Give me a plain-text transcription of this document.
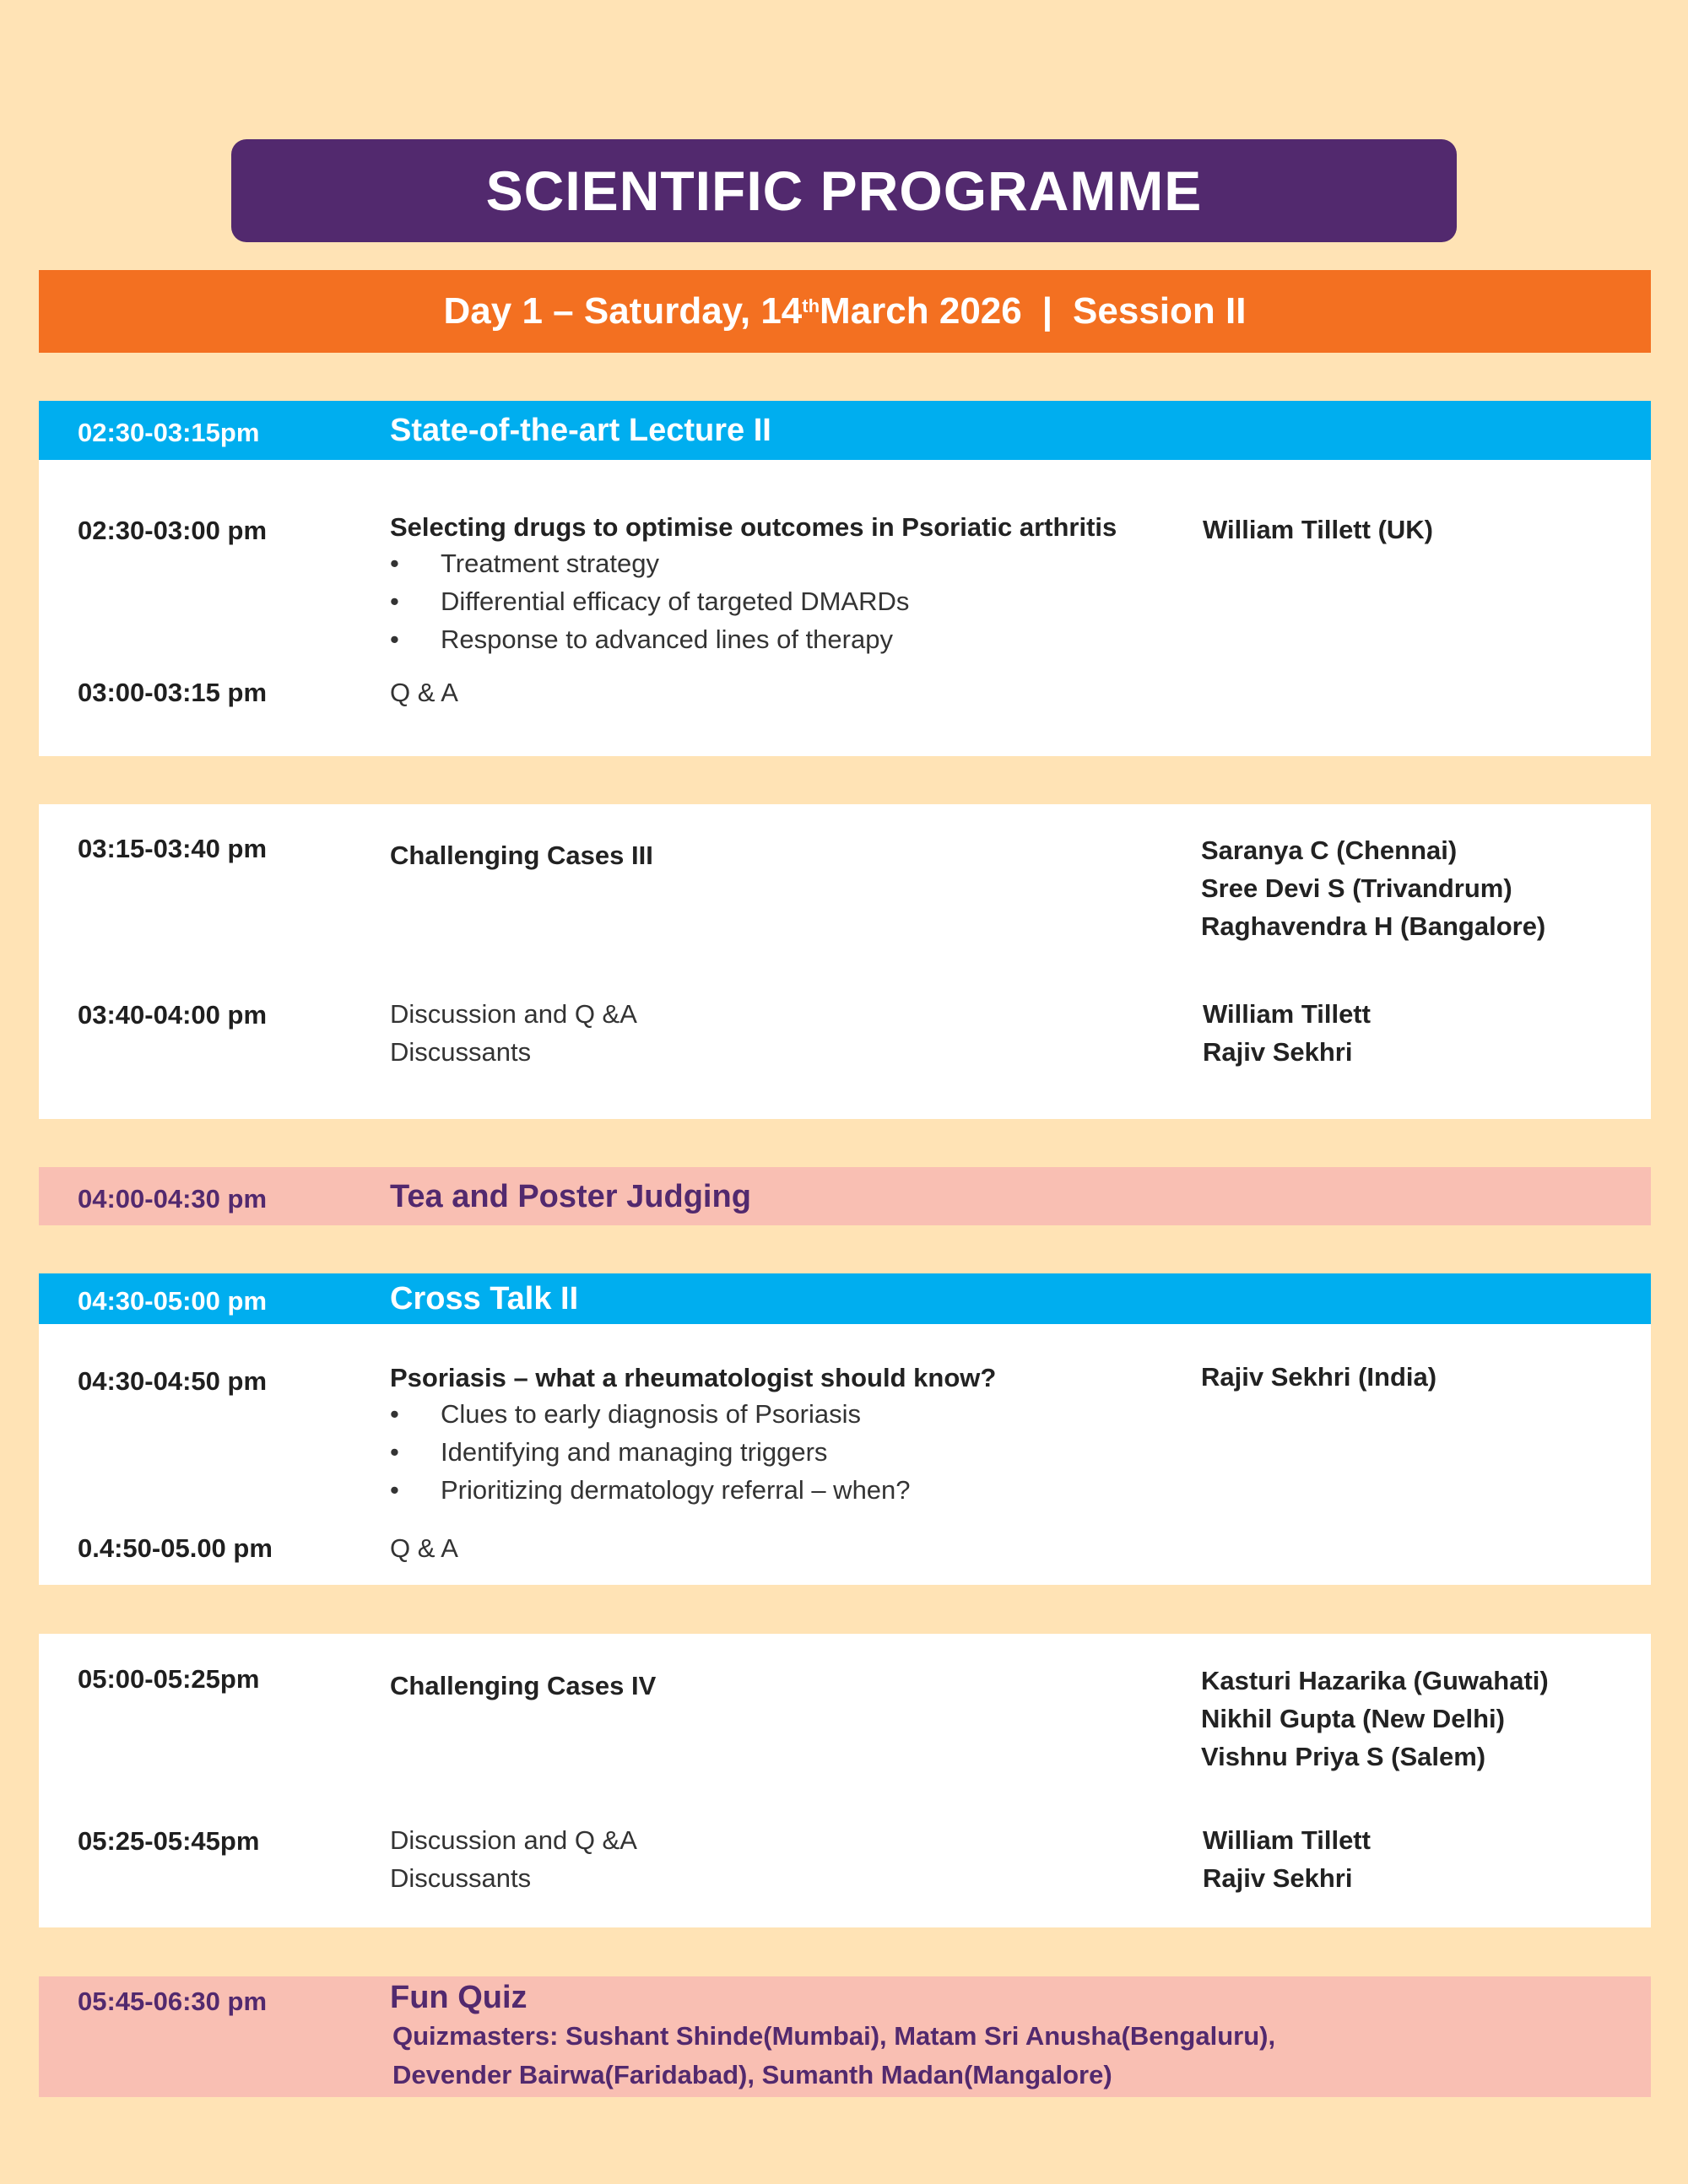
SCIENTIFIC PROGRAMME
Day 1 – Saturday, 14th March 2026 | Session II
02:30-03:15pm	State-of-the-art Lecture II
02:30-03:00 pm	Selecting drugs to optimise outcomes in Psoriatic arthritis
• Treatment strategy
• Differential efficacy of targeted DMARDs
• Response to advanced lines of therapy
William Tillett (UK)
03:00-03:15 pm	Q & A
03:15-03:40 pm	Challenging Cases III	Saranya C (Chennai)
Sree Devi S (Trivandrum)
Raghavendra H (Bangalore)
03:40-04:00 pm	Discussion and Q &A
Discussants
William Tillett
Rajiv Sekhri
04:00-04:30 pm	Tea and Poster Judging
04:30-05:00 pm	Cross Talk II
04:30-04:50 pm	Psoriasis – what a rheumatologist should know?
• Clues to early diagnosis of Psoriasis
• Identifying and managing triggers
• Prioritizing dermatology referral – when?
Rajiv Sekhri (India)
0.4:50-05.00 pm	Q & A
05:00-05:25pm	Challenging Cases IV	Kasturi Hazarika (Guwahati)
Nikhil Gupta (New Delhi)
Vishnu Priya S (Salem)
05:25-05:45pm	Discussion and Q &A
Discussants
William Tillett
Rajiv Sekhri
05:45-06:30 pm	Fun Quiz
Quizmasters: Sushant Shinde(Mumbai), Matam Sri Anusha(Bengaluru),
Devender Bairwa(Faridabad), Sumanth Madan(Mangalore)
